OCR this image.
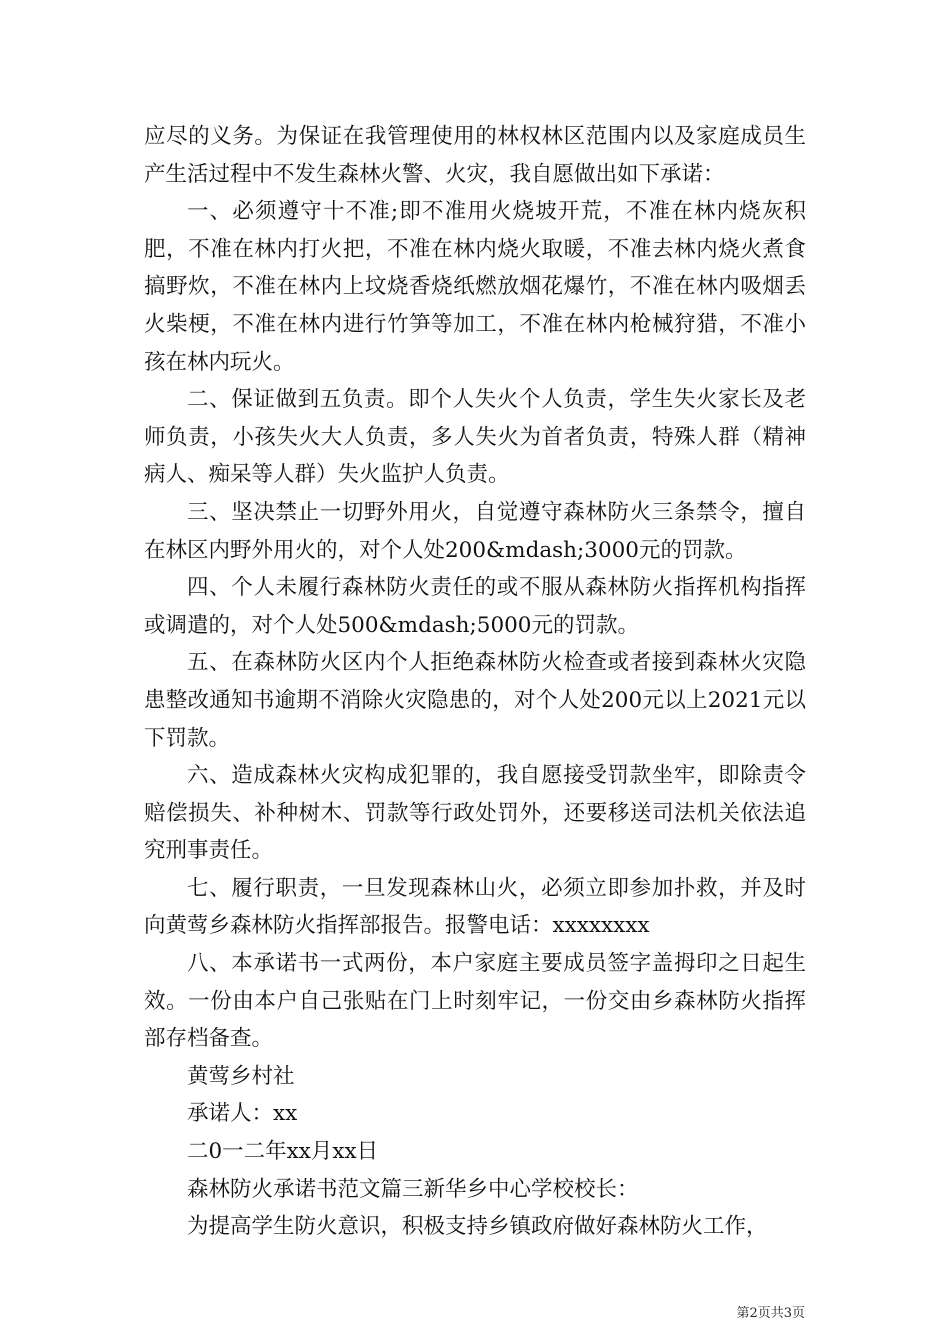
应尽的义务。为保证在我管理使用的林权林区范围内以及家庭成员生产生活过程中不发生森林火警、火灾，我自愿做出如下承诺：

一、必须遵守十不准;即不准用火烧坡开荒，不准在林内烧灰积肥，不准在林内打火把，不准在林内烧火取暖，不准去林内烧火煮食搞野炊，不准在林内上坟烧香烧纸燃放烟花爆竹，不准在林内吸烟丢火柴梗，不准在林内进行竹笋等加工，不准在林内枪械狩猎，不准小孩在林内玩火。

二、保证做到五负责。即个人失火个人负责，学生失火家长及老师负责，小孩失火大人负责，多人失火为首者负责，特殊人群（精神病人、痴呆等人群）失火监护人负责。

三、坚决禁止一切野外用火，自觉遵守森林防火三条禁令，擅自在林区内野外用火的，对个人处200&mdash;3000元的罚款。

四、个人未履行森林防火责任的或不服从森林防火指挥机构指挥或调遣的，对个人处500&mdash;5000元的罚款。

五、在森林防火区内个人拒绝森林防火检查或者接到森林火灾隐患整改通知书逾期不消除火灾隐患的，对个人处200元以上2021元以下罚款。

六、造成森林火灾构成犯罪的，我自愿接受罚款坐牢，即除责令赔偿损失、补种树木、罚款等行政处罚外，还要移送司法机关依法追究刑事责任。

七、履行职责，一旦发现森林山火，必须立即参加扑救，并及时向黄莺乡森林防火指挥部报告。报警电话：xxxxxxxx

八、本承诺书一式两份，本户家庭主要成员签字盖拇印之日起生效。一份由本户自己张贴在门上时刻牢记，一份交由乡森林防火指挥部存档备查。

黄莺乡村社

承诺人：xx

二0一二年xx月xx日

森林防火承诺书范文篇三新华乡中心学校校长：

为提高学生防火意识，积极支持乡镇政府做好森林防火工作，

第2页共3页
